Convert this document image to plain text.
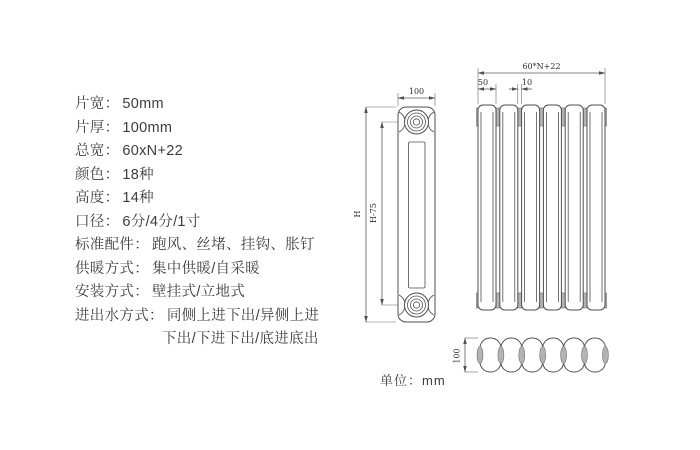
片宽： 50mm
片厚： 100mm
总宽： 60xN+22
颜色： 18种
高度： 14种
口径： 6分/4分/1寸
标准配件： 跑风、丝堵、挂钩、胀钉
供暖方式： 集中供暖/自采暖
安装方式： 壁挂式/立地式
进出水方式： 同侧上进下出/异侧上进
下出/下进下出/底进底出
100
H H-75
60*N+22
50	10
100
单位：mm
